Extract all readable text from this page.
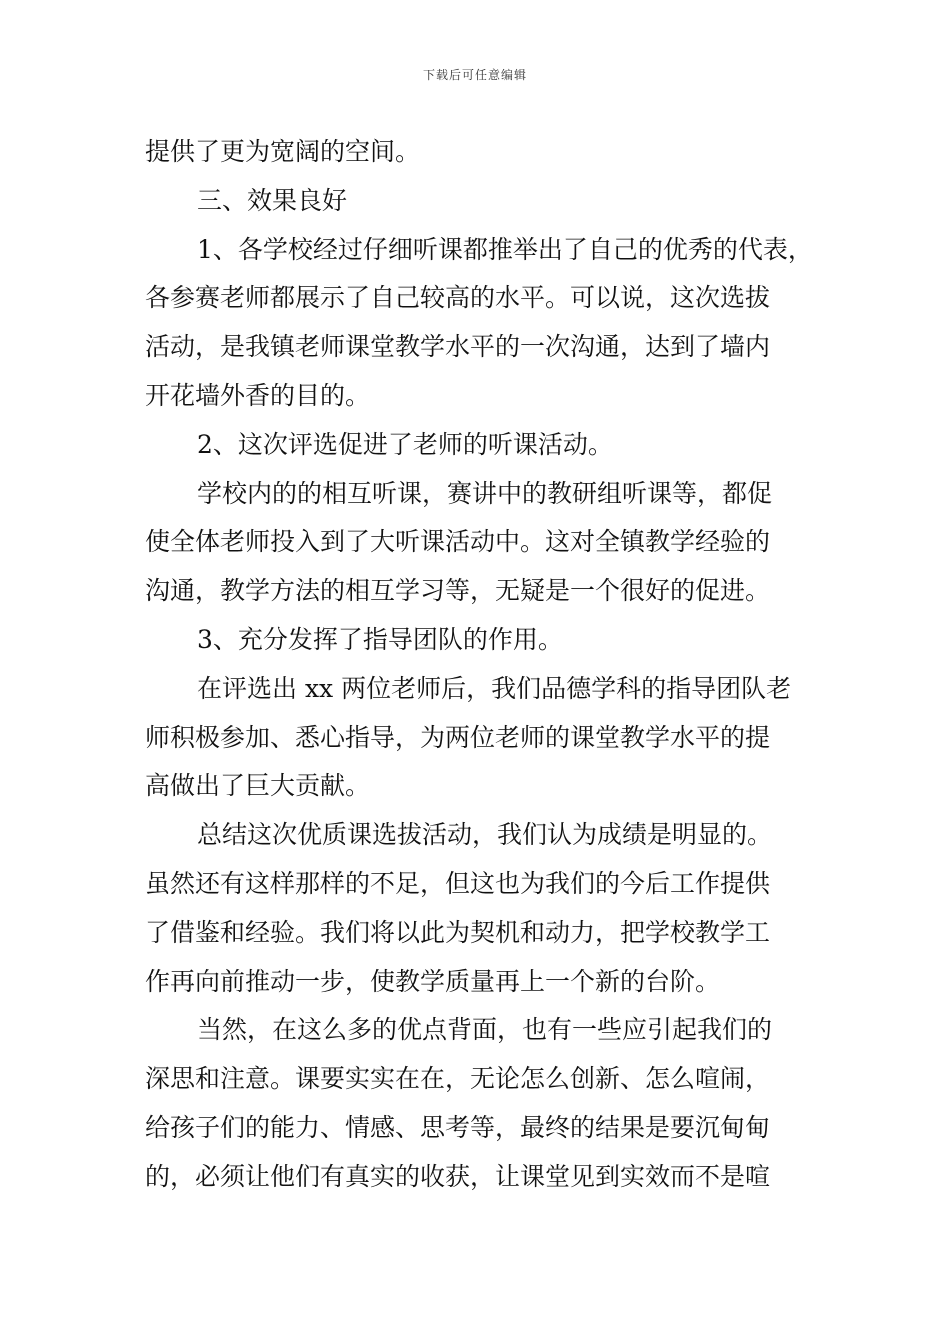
下载后可任意编辑
提供了更为宽阔的空间。
三、效果良好
1、各学校经过仔细听课都推举出了自己的优秀的代表，
各参赛老师都展示了自己较高的水平。可以说，这次选拔
活动，是我镇老师课堂教学水平的一次沟通，达到了墙内
开花墙外香的目的。
2、这次评选促进了老师的听课活动。
学校内的的相互听课，赛讲中的教研组听课等，都促
使全体老师投入到了大听课活动中。这对全镇教学经验的
沟通，教学方法的相互学习等，无疑是一个很好的促进。
3、充分发挥了指导团队的作用。
在评选出 xx 两位老师后，我们品德学科的指导团队老
师积极参加、悉心指导，为两位老师的课堂教学水平的提
高做出了巨大贡献。
总结这次优质课选拔活动，我们认为成绩是明显的。
虽然还有这样那样的不足，但这也为我们的今后工作提供
了借鉴和经验。我们将以此为契机和动力，把学校教学工
作再向前推动一步，使教学质量再上一个新的台阶。
当然，在这么多的优点背面，也有一些应引起我们的
深思和注意。课要实实在在，无论怎么创新、怎么喧闹，
给孩子们的能力、情感、思考等，最终的结果是要沉甸甸
的，必须让他们有真实的收获，让课堂见到实效而不是喧
